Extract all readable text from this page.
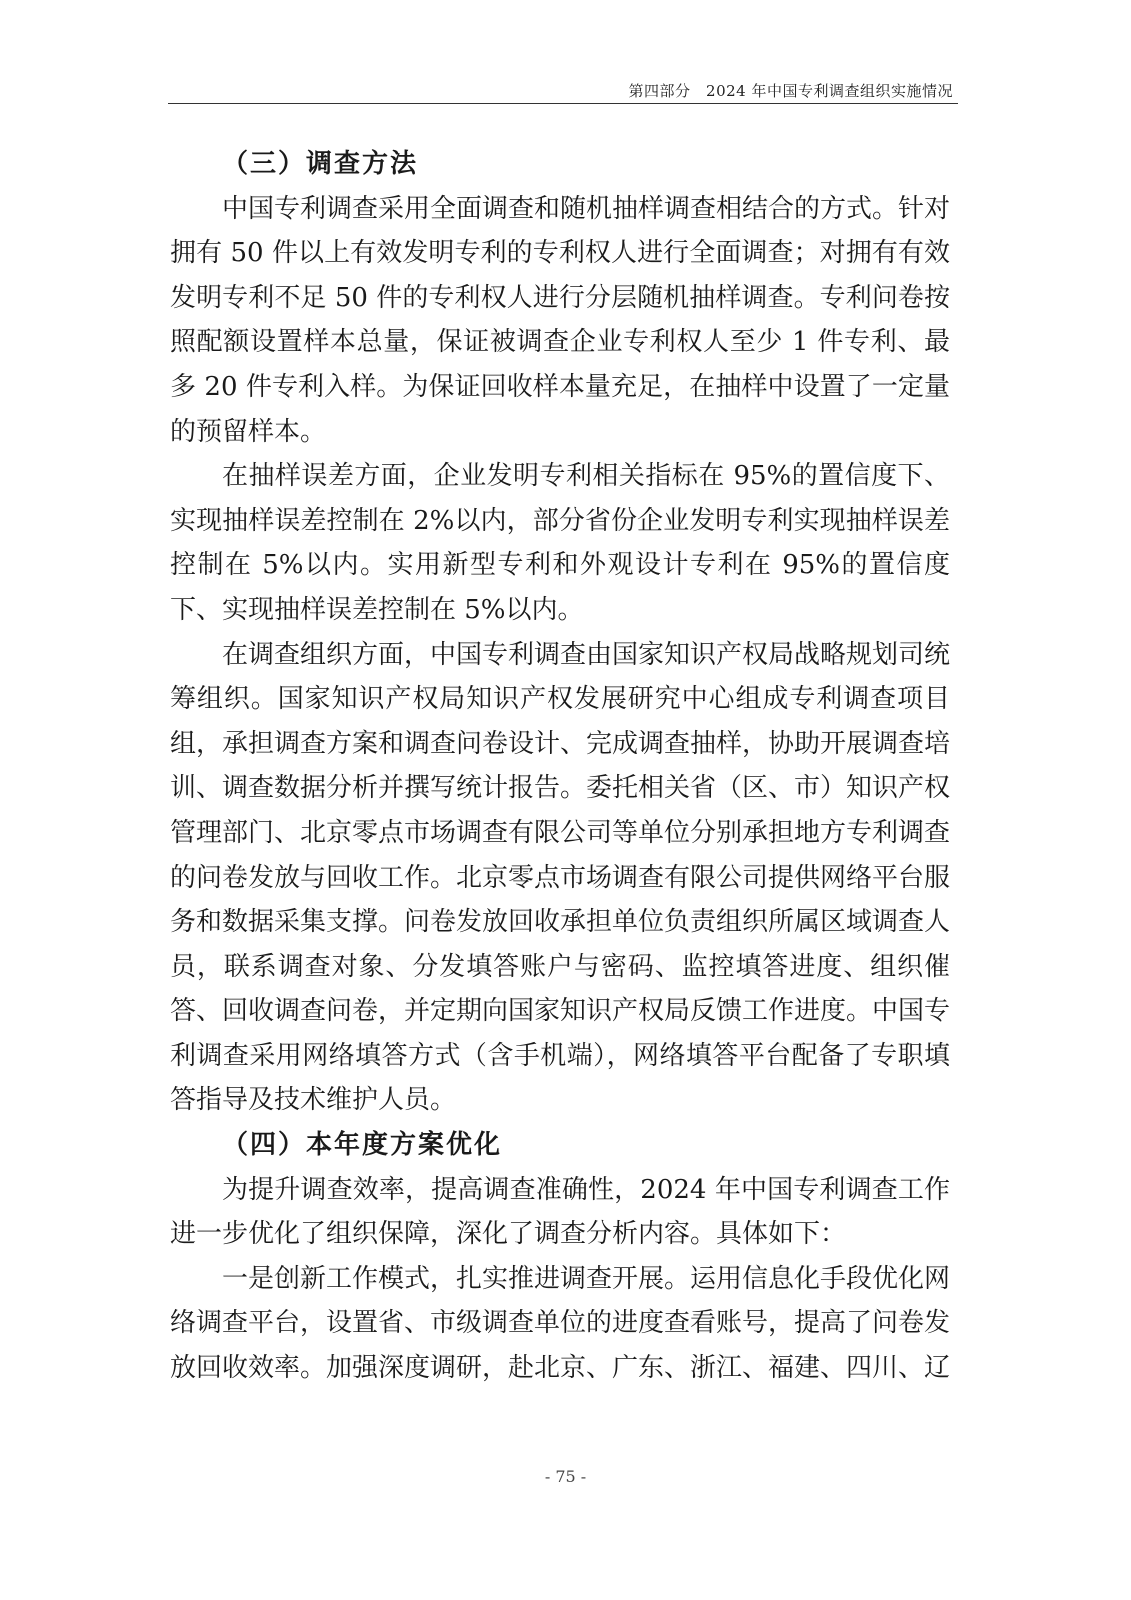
第四部分　2024 年中国专利调查组织实施情况
（三）调查方法

中国专利调查采用全面调查和随机抽样调查相结合的方式。针对拥有 50 件以上有效发明专利的专利权人进行全面调查；对拥有有效发明专利不足 50 件的专利权人进行分层随机抽样调查。专利问卷按照配额设置样本总量，保证被调查企业专利权人至少 1 件专利、最多 20 件专利入样。为保证回收样本量充足，在抽样中设置了一定量的预留样本。

在抽样误差方面，企业发明专利相关指标在 95%的置信度下、实现抽样误差控制在 2%以内，部分省份企业发明专利实现抽样误差控制在 5%以内。实用新型专利和外观设计专利在 95%的置信度下、实现抽样误差控制在 5%以内。

在调查组织方面，中国专利调查由国家知识产权局战略规划司统筹组织。国家知识产权局知识产权发展研究中心组成专利调查项目组，承担调查方案和调查问卷设计、完成调查抽样，协助开展调查培训、调查数据分析并撰写统计报告。委托相关省（区、市）知识产权管理部门、北京零点市场调查有限公司等单位分别承担地方专利调查的问卷发放与回收工作。北京零点市场调查有限公司提供网络平台服务和数据采集支撑。问卷发放回收承担单位负责组织所属区域调查人员，联系调查对象、分发填答账户与密码、监控填答进度、组织催答、回收调查问卷，并定期向国家知识产权局反馈工作进度。中国专利调查采用网络填答方式（含手机端），网络填答平台配备了专职填答指导及技术维护人员。

（四）本年度方案优化

为提升调查效率，提高调查准确性，2024 年中国专利调查工作进一步优化了组织保障，深化了调查分析内容。具体如下：

一是创新工作模式，扎实推进调查开展。运用信息化手段优化网络调查平台，设置省、市级调查单位的进度查看账号，提高了问卷发放回收效率。加强深度调研，赴北京、广东、浙江、福建、四川、辽

- 75 -
